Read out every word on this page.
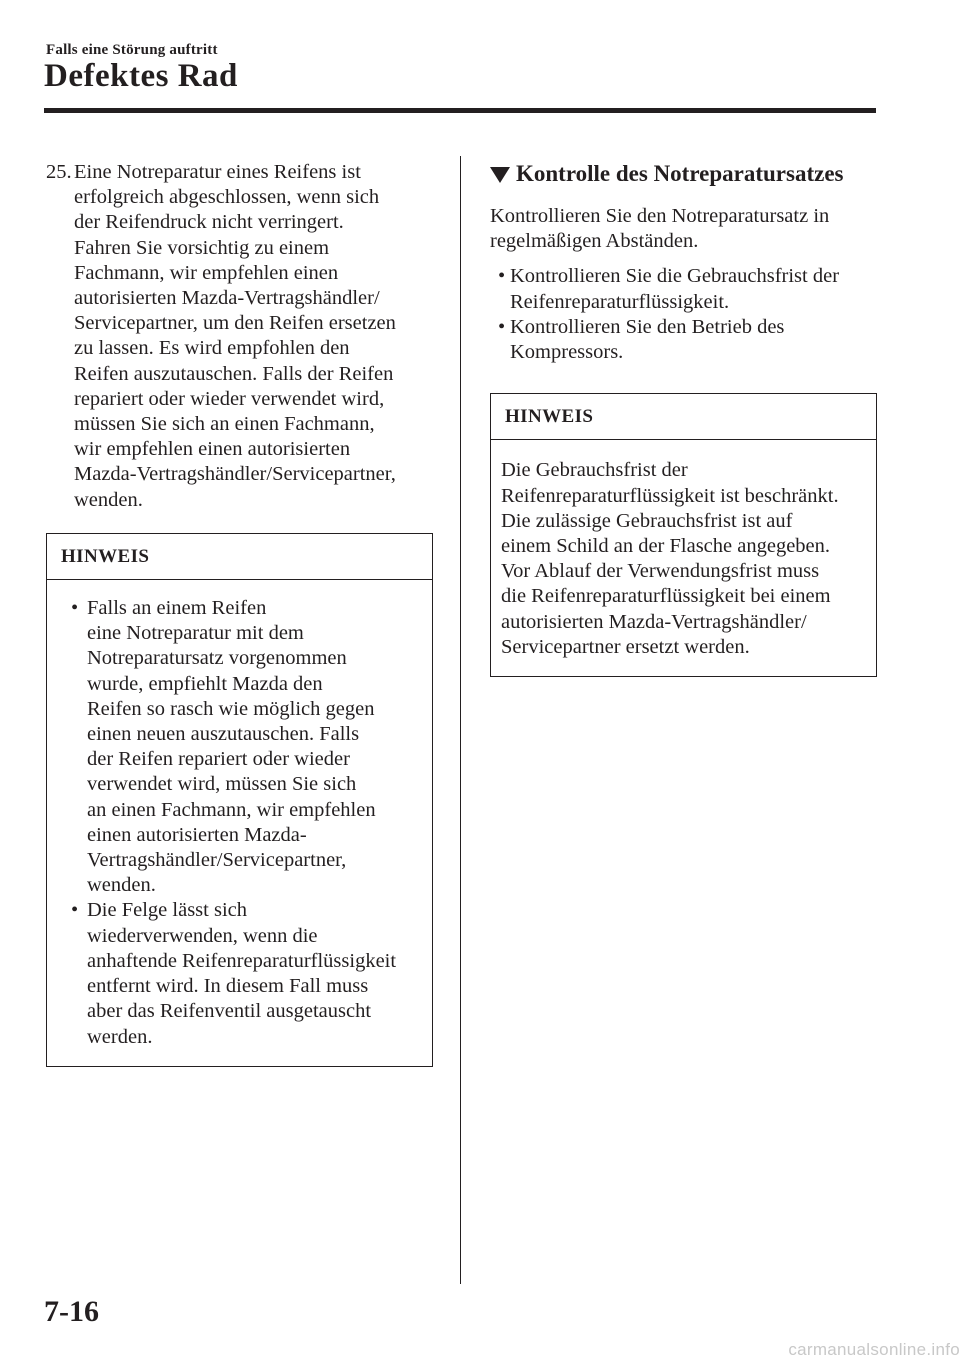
Falls eine Störung auftritt
Defektes Rad
25. Eine Notreparatur eines Reifens ist
erfolgreich abgeschlossen, wenn sich
der Reifendruck nicht verringert.
Fahren Sie vorsichtig zu einem
Fachmann, wir empfehlen einen
autorisierten Mazda-Vertragshändler/
Servicepartner, um den Reifen ersetzen
zu lassen. Es wird empfohlen den
Reifen auszutauschen. Falls der Reifen
repariert oder wieder verwendet wird,
müssen Sie sich an einen Fachmann,
wir empfehlen einen autorisierten
Mazda-Vertragshändler/Servicepartner,
wenden.
HINWEIS
• Falls an einem Reifen
eine Notreparatur mit dem
Notreparatursatz vorgenommen
wurde, empfiehlt Mazda den
Reifen so rasch wie möglich gegen
einen neuen auszutauschen. Falls
der Reifen repariert oder wieder
verwendet wird, müssen Sie sich
an einen Fachmann, wir empfehlen
einen autorisierten Mazda-
Vertragshändler/Servicepartner,
wenden.
• Die Felge lässt sich
wiederverwenden, wenn die
anhaftende Reifenreparaturflüssigkeit
entfernt wird. In diesem Fall muss
aber das Reifenventil ausgetauscht
werden.
Kontrolle des Notreparatursatzes
Kontrollieren Sie den Notreparatursatz in
regelmäßigen Abständen.
• Kontrollieren Sie die Gebrauchsfrist der
Reifenreparaturflüssigkeit.
• Kontrollieren Sie den Betrieb des
Kompressors.
HINWEIS
Die Gebrauchsfrist der
Reifenreparaturflüssigkeit ist beschränkt.
Die zulässige Gebrauchsfrist ist auf
einem Schild an der Flasche angegeben.
Vor Ablauf der Verwendungsfrist muss
die Reifenreparaturflüssigkeit bei einem
autorisierten Mazda-Vertragshändler/
Servicepartner ersetzt werden.
7-16
carmanualsonline.info
